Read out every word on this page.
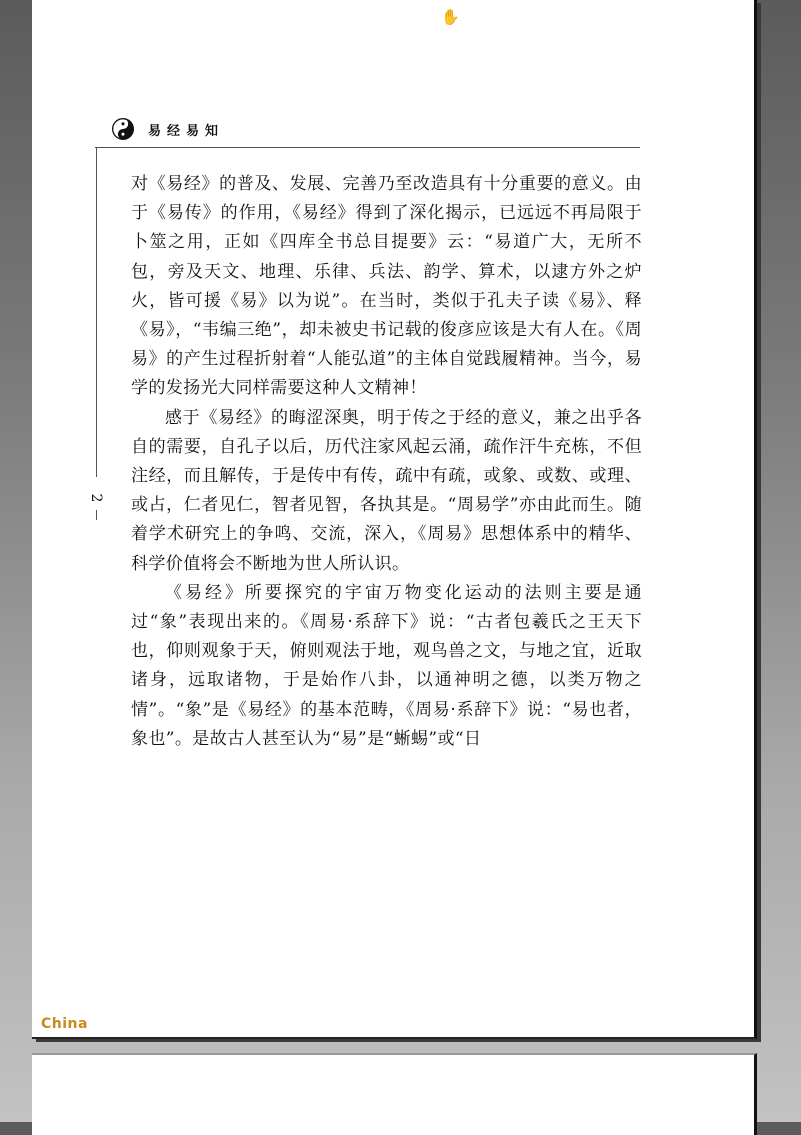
✋
易经易知
2

对《易经》的普及、发展、完善乃至改造具有十分重要的意义。由于《易传》的作用，《易经》得到了深化揭示，已远远不再局限于卜筮之用，正如《四库全书总目提要》云：“易道广大，无所不包，旁及天文、地理、乐律、兵法、韵学、算术，以逮方外之炉火，皆可援《易》以为说”。在当时，类似于孔夫子读《易》、释《易》，“韦编三绝”，却未被史书记载的俊彦应该是大有人在。《周易》的产生过程折射着“人能弘道”的主体自觉践履精神。当今，易学的发扬光大同样需要这种人文精神！

感于《易经》的晦涩深奥，明于传之于经的意义，兼之出乎各自的需要，自孔子以后，历代注家风起云涌，疏作汗牛充栋，不但注经，而且解传，于是传中有传，疏中有疏，或象、或数、或理、或占，仁者见仁，智者见智，各执其是。“周易学”亦由此而生。随着学术研究上的争鸣、交流，深入，《周易》思想体系中的精华、科学价值将会不断地为世人所认识。

《易经》所要探究的宇宙万物变化运动的法则主要是通过“象”表现出来的。《周易·系辞下》说：“古者包羲氏之王天下也，仰则观象于天，俯则观法于地，观鸟兽之文，与地之宜，近取诸身，远取诸物，于是始作八卦，以通神明之德，以类万物之情”。“象”是《易经》的基本范畴，《周易·系辞下》说：“易也者，象也”。是故古人甚至认为“易”是“蜥蜴”或“日

China
